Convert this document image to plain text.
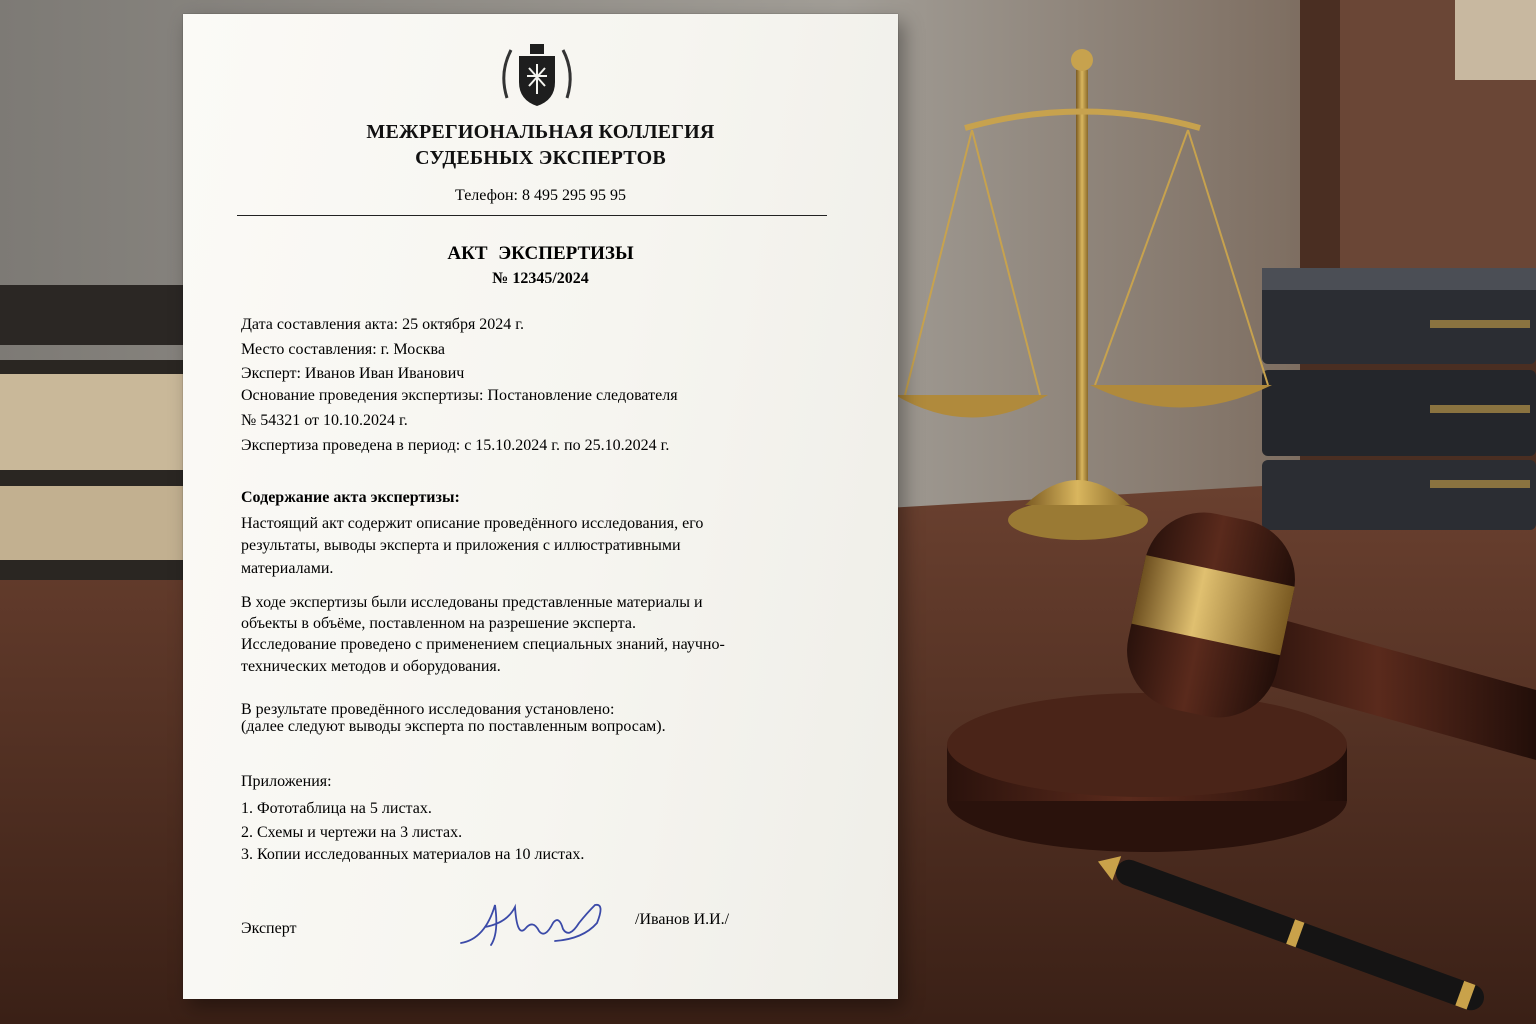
МЕЖРЕГИОНАЛЬНАЯ КОЛЛЕГИЯ
СУДЕБНЫХ ЭКСПЕРТОВ
Телефон: 8 495 295 95 95
АКТ ЭКСПЕРТИЗЫ
№ 12345/2024
Дата составления акта: 25 октября 2024 г.
Место составления: г. Москва
Эксперт: Иванов Иван Иванович
Основание проведения экспертизы: Постановление следователя
№ 54321 от 10.10.2024 г.
Экспертиза проведена в период: с 15.10.2024 г. по 25.10.2024 г.
Содержание акта экспертизы:
Настоящий акт содержит описание проведённого исследования, его
результаты, выводы эксперта и приложения с иллюстративными
материалами.
В ходе экспертизы были исследованы представленные материалы и
объекты в объёме, поставленном на разрешение эксперта.
Исследование проведено с применением специальных знаний, научно-
технических методов и оборудования.
В результате проведённого исследования установлено:
(далее следуют выводы эксперта по поставленным вопросам).
Приложения:
1. Фототаблица на 5 листах.
2. Схемы и чертежи на 3 листах.
3. Копии исследованных материалов на 10 листах.
Эксперт
/Иванов И.И./
